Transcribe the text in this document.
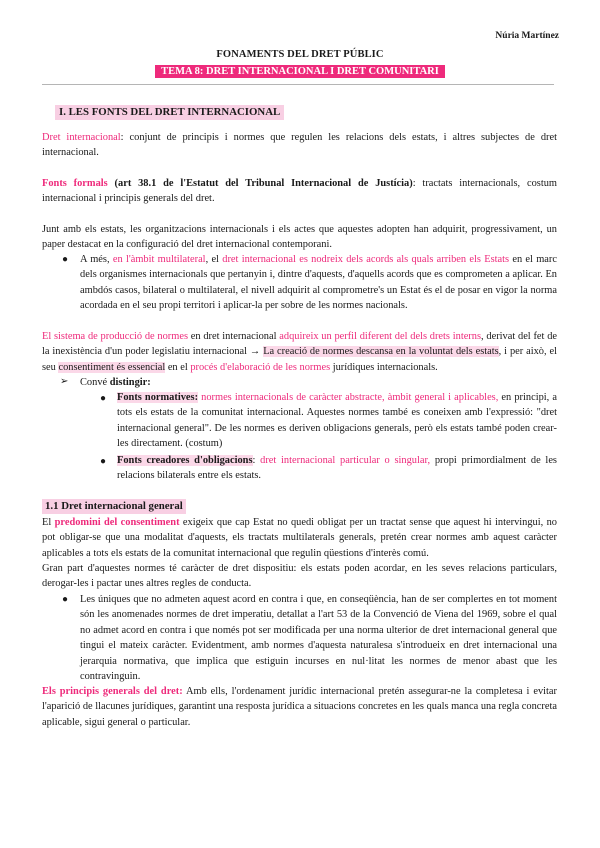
Núria Martínez
FONAMENTS DEL DRET PÚBLIC
TEMA 8: DRET INTERNACIONAL I DRET COMUNITARI
I. LES FONTS DEL DRET INTERNACIONAL
Dret internacional: conjunt de principis i normes que regulen les relacions dels estats, i altres subjectes de dret internacional.
Fonts formals (art 38.1 de l'Estatut del Tribunal Internacional de Justícia): tractats internacionals, costum internacional i principis generals del dret.
Junt amb els estats, les organitzacions internacionals i els actes que aquestes adopten han adquirit, progressivament, un paper destacat en la configuració del dret internacional contemporani.
● A més, en l'àmbit multilateral, el dret internacional es nodreix dels acords als quals arriben els Estats en el marc dels organismes internacionals que pertanyin i, dintre d'aquests, d'aquells acords que es comprometen a aplicar. En ambdós casos, bilateral o multilateral, el nivell adquirit al comprometre's un Estat és el de posar en vigor la norma acordada en el seu propi territori i aplicar-la per sobre de les normes nacionals.
El sistema de producció de normes en dret internacional adquireix un perfil diferent del dels drets interns, derivat del fet de la inexistència d'un poder legislatiu internacional → La creació de normes descansa en la voluntat dels estats, i per això, el seu consentiment és essencial en el procés d'elaboració de les normes jurídiques internacionals.
➢ Convé distingir:
● Fonts normatives: normes internacionals de caràcter abstracte, àmbit general i aplicables, en principi, a tots els estats de la comunitat internacional. Aquestes normes també es coneixen amb l'expressió: "dret internacional general". De les normes es deriven obligacions generals, però els estats també poden crear-les directament. (costum)
● Fonts creadores d'obligacions: dret internacional particular o singular, propi primordialment de les relacions bilaterals entre els estats.
1.1 Dret internacional general
El predomini del consentiment exigeix que cap Estat no quedi obligat per un tractat sense que aquest hi intervingui, no pot obligar-se que una modalitat d'aquests, els tractats multilaterals generals, pretén crear normes amb aquest caràcter aplicables a tots els estats de la comunitat internacional que regulin qüestions d'interès comú.
Gran part d'aquestes normes té caràcter de dret dispositiu: els estats poden acordar, en les seves relacions particulars, derogar-les i pactar unes altres regles de conducta.
● Les úniques que no admeten aquest acord en contra i que, en conseqüència, han de ser complertes en tot moment són les anomenades normes de dret imperatiu, detallat a l'art 53 de la Convenció de Viena del 1969, sobre el qual no admet acord en contra i que només pot ser modificada per una norma ulterior de dret internacional general que tingui el mateix caràcter. Evidentment, amb normes d'aquesta naturalesa s'introdueix en dret internacional una jerarquia normativa, que implica que estiguin incurses en nul·litat les normes de menor abast que les contravinguin.
Els principis generals del dret: Amb ells, l'ordenament jurídic internacional pretén assegurar-ne la completesa i evitar l'aparició de llacunes jurídiques, garantint una resposta jurídica a situacions concretes en les quals manca una regla concreta aplicable, sigui general o particular.
